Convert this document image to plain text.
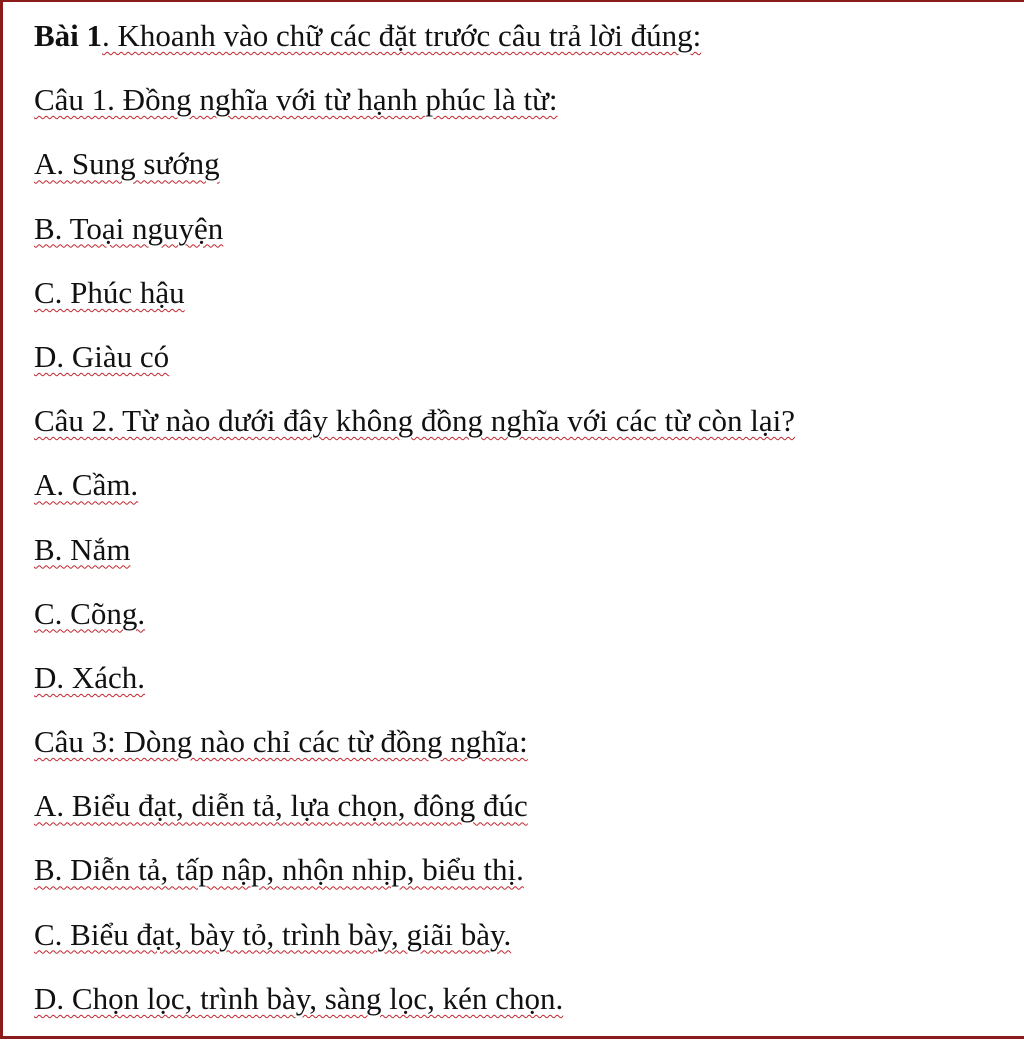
Bài 1. Khoanh vào chữ các đặt trước câu trả lời đúng:
Câu 1. Đồng nghĩa với từ hạnh phúc là từ:
A. Sung sướng
B. Toại nguyện
C. Phúc hậu
D. Giàu có
Câu 2. Từ nào dưới đây không đồng nghĩa với các từ còn lại?
A. Cầm.
B. Nắm
C. Cõng.
D. Xách.
Câu 3: Dòng nào chỉ các từ đồng nghĩa:
A. Biểu đạt, diễn tả, lựa chọn, đông đúc
B. Diễn tả, tấp nập, nhộn nhịp, biểu thị.
C. Biểu đạt, bày tỏ, trình bày, giãi bày.
D. Chọn lọc, trình bày, sàng lọc, kén chọn.
